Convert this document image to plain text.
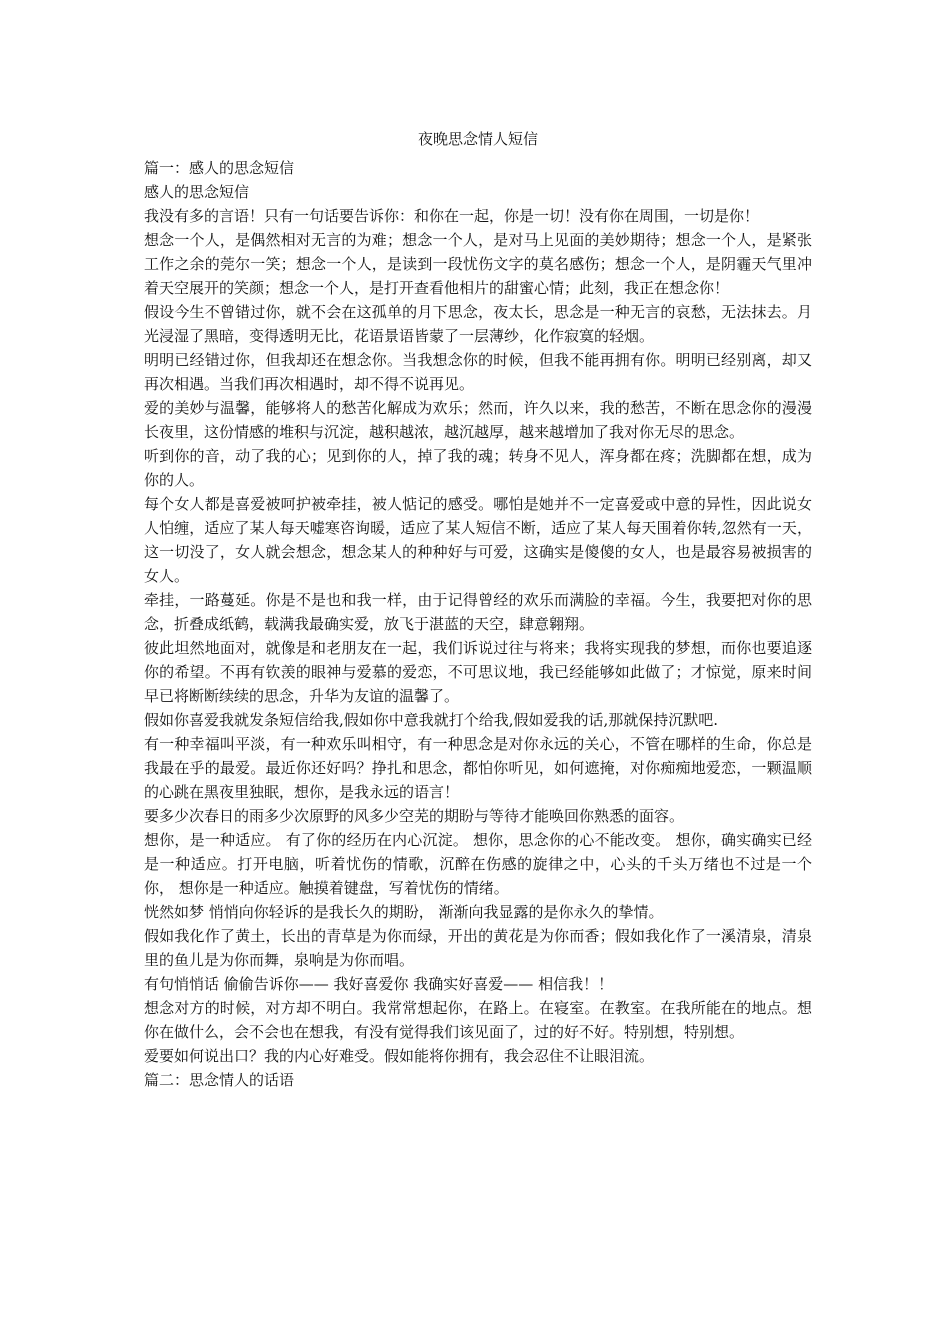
夜晚思念情人短信

篇一：感人的思念短信

感人的思念短信

我没有多的言语！只有一句话要告诉你：和你在一起，你是一切！没有你在周围，一切是你！

想念一个人，是偶然相对无言的为难；想念一个人，是对马上见面的美妙期待；想念一个人，是紧张工作之余的莞尔一笑；想念一个人，是读到一段忧伤文字的莫名感伤；想念一个人，是阴霾天气里冲着天空展开的笑颜；想念一个人，是打开查看他相片的甜蜜心情；此刻，我正在想念你！

假设今生不曾错过你，就不会在这孤单的月下思念，夜太长，思念是一种无言的哀愁，无法抹去。月光浸湿了黑暗，变得透明无比，花语景语皆蒙了一层薄纱，化作寂寞的轻烟。

明明已经错过你，但我却还在想念你。当我想念你的时候，但我不能再拥有你。明明已经别离，却又再次相遇。当我们再次相遇时，却不得不说再见。

爱的美妙与温馨，能够将人的愁苦化解成为欢乐；然而，许久以来，我的愁苦，不断在思念你的漫漫长夜里，这份情感的堆积与沉淀，越积越浓，越沉越厚，越来越增加了我对你无尽的思念。

听到你的音，动了我的心；见到你的人，掉了我的魂；转身不见人，浑身都在疼；洗脚都在想，成为你的人。

每个女人都是喜爱被呵护被牵挂，被人惦记的感受。哪怕是她并不一定喜爱或中意的异性，因此说女人怕缠，适应了某人每天嘘寒咨询暖，适应了某人短信不断，适应了某人每天围着你转,忽然有一天，这一切没了，女人就会想念，想念某人的种种好与可爱，这确实是傻傻的女人，也是最容易被损害的女人。

牵挂，一路蔓延。你是不是也和我一样，由于记得曾经的欢乐而满脸的幸福。今生，我要把对你的思念，折叠成纸鹤，载满我最确实爱，放飞于湛蓝的天空，肆意翱翔。

彼此坦然地面对，就像是和老朋友在一起，我们诉说过往与将来；我将实现我的梦想，而你也要追逐你的希望。不再有钦羡的眼神与爱慕的爱恋，不可思议地，我已经能够如此做了；才惊觉，原来时间早已将断断续续的思念，升华为友谊的温馨了。

假如你喜爱我就发条短信给我,假如你中意我就打个给我,假如爱我的话,那就保持沉默吧.

有一种幸福叫平淡，有一种欢乐叫相守，有一种思念是对你永远的关心，不管在哪样的生命，你总是我最在乎的最爱。最近你还好吗？挣扎和思念，都怕你听见，如何遮掩，对你痴痴地爱恋，一颗温顺的心跳在黑夜里独眠，想你，是我永远的语言！

要多少次春日的雨多少次原野的风多少空芜的期盼与等待才能唤回你熟悉的面容。

想你，是一种适应。 有了你的经历在内心沉淀。 想你，思念你的心不能改变。 想你，确实确实已经是一种适应。打开电脑，听着忧伤的情歌，沉醉在伤感的旋律之中，心头的千头万绪也不过是一个你， 想你是一种适应。触摸着键盘，写着忧伤的情绪。

恍然如梦 悄悄向你轻诉的是我长久的期盼， 渐渐向我显露的是你永久的挚情。

假如我化作了黄土，长出的青草是为你而绿，开出的黄花是为你而香；假如我化作了一溪清泉，清泉里的鱼儿是为你而舞，泉响是为你而唱。

有句悄悄话 偷偷告诉你—— 我好喜爱你 我确实好喜爱—— 相信我！！

想念对方的时候，对方却不明白。我常常想起你，在路上。在寝室。在教室。在我所能在的地点。想你在做什么，会不会也在想我，有没有觉得我们该见面了，过的好不好。特别想，特别想。

爱要如何说出口？我的内心好难受。假如能将你拥有，我会忍住不让眼泪流。

篇二：思念情人的话语
